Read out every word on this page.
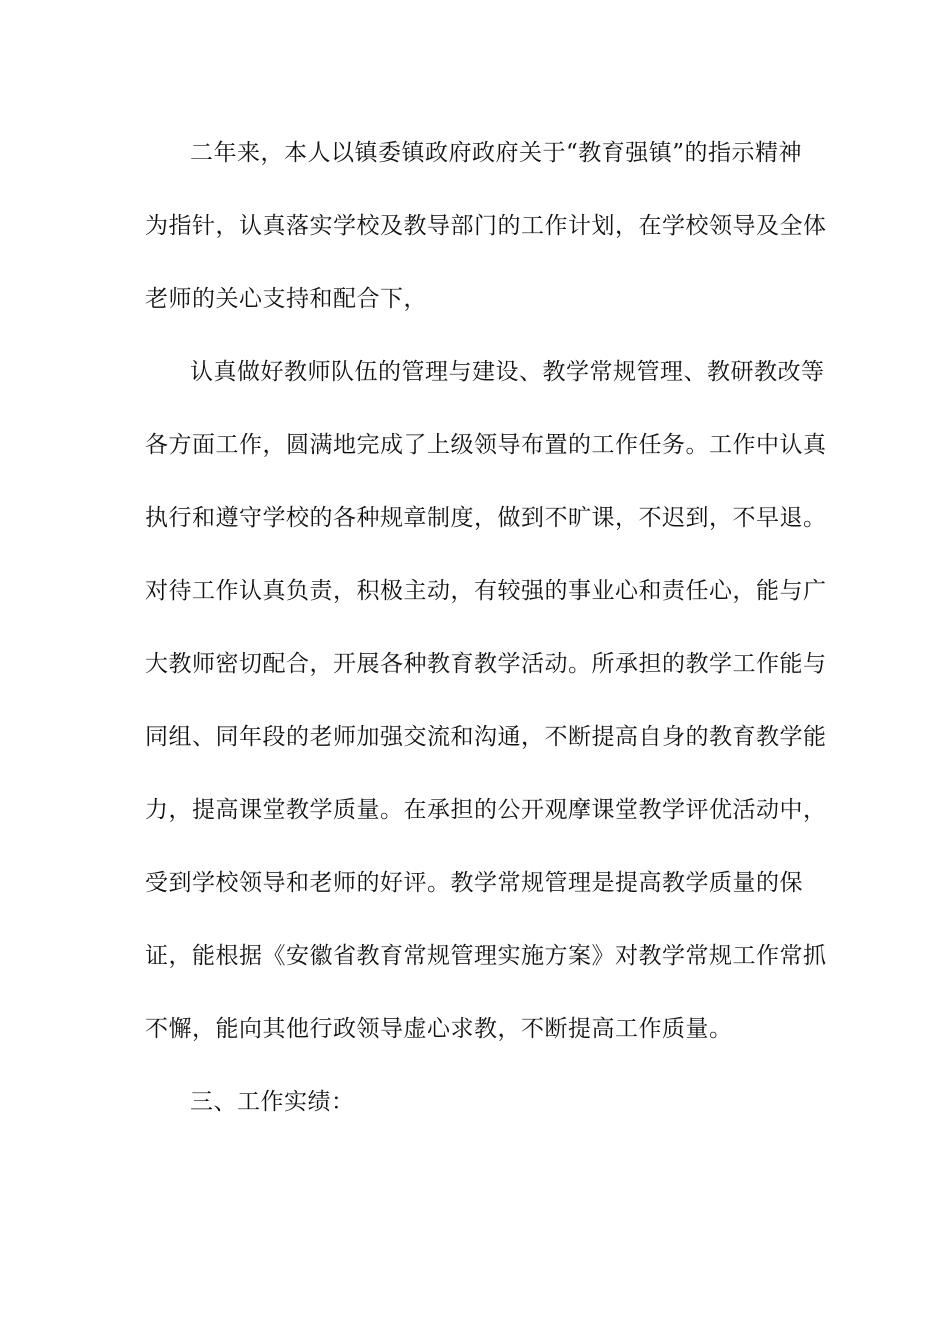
二年来，本人以镇委镇政府政府关于“教育强镇”的指示精神
为指针，认真落实学校及教导部门的工作计划，在学校领导及全体
老师的关心支持和配合下，
认真做好教师队伍的管理与建设、教学常规管理、教研教改等
各方面工作，圆满地完成了上级领导布置的工作任务。工作中认真
执行和遵守学校的各种规章制度，做到不旷课，不迟到，不早退。
对待工作认真负责，积极主动，有较强的事业心和责任心，能与广
大教师密切配合，开展各种教育教学活动。所承担的教学工作能与
同组、同年段的老师加强交流和沟通，不断提高自身的教育教学能
力，提高课堂教学质量。在承担的公开观摩课堂教学评优活动中，
受到学校领导和老师的好评。教学常规管理是提高教学质量的保
证，能根据《安徽省教育常规管理实施方案》对教学常规工作常抓
不懈，能向其他行政领导虚心求教，不断提高工作质量。
三、工作实绩：
